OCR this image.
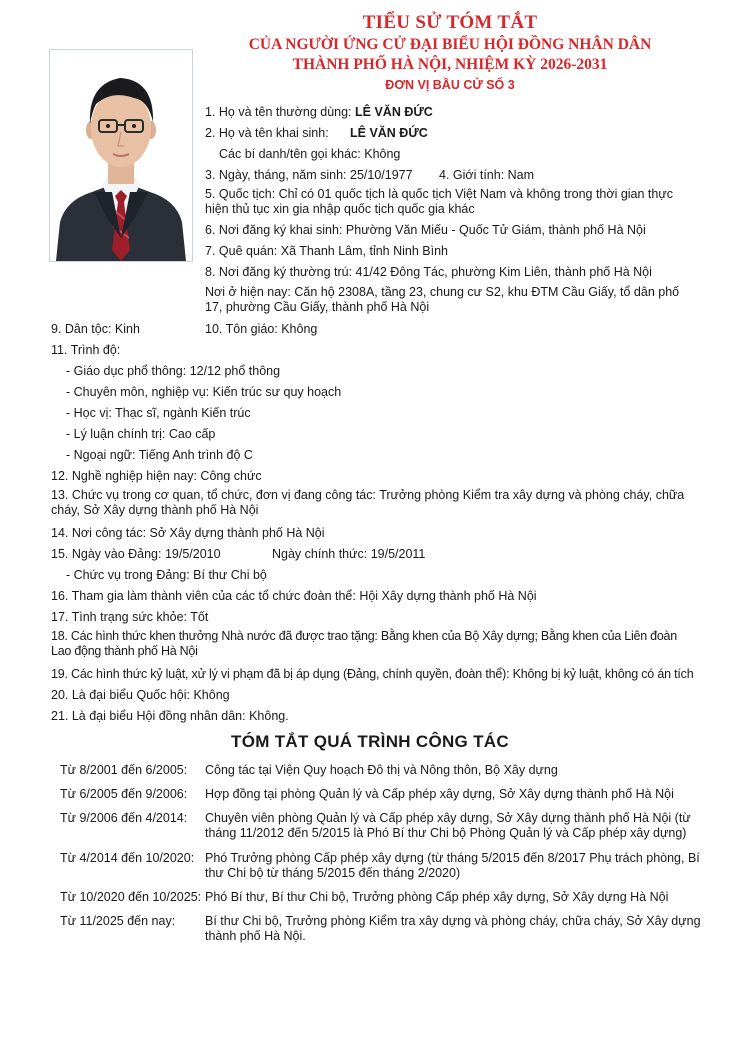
TIỂU SỬ TÓM TẮT
CỦA NGƯỜI ỨNG CỬ ĐẠI BIỂU HỘI ĐỒNG NHÂN DÂN
THÀNH PHỐ HÀ NỘI, NHIỆM KỲ 2026-2031
ĐƠN VỊ BẦU CỬ SỐ 3
1. Họ và tên thường dùng: LÊ VĂN ĐỨC
2. Họ và tên khai sinh: LÊ VĂN ĐỨC
Các bí danh/tên gọi khác: Không
3. Ngày, tháng, năm sinh: 25/10/1977 4. Giới tính: Nam
5. Quốc tịch: Chỉ có 01 quốc tịch là quốc tịch Việt Nam và không trong thời gian thực hiện thủ tục xin gia nhập quốc tịch quốc gia khác
6. Nơi đăng ký khai sinh: Phường Văn Miếu - Quốc Tử Giám, thành phố Hà Nội
7. Quê quán: Xã Thanh Lâm, tỉnh Ninh Bình
8. Nơi đăng ký thường trú: 41/42 Đông Tác, phường Kim Liên, thành phố Hà Nội
Nơi ở hiện nay: Căn hộ 2308A, tầng 23, chung cư S2, khu ĐTM Cầu Giấy, tổ dân phố 17, phường Cầu Giấy, thành phố Hà Nội
9. Dân tộc: Kinh	10. Tôn giáo: Không
11. Trình độ:
- Giáo dục phổ thông: 12/12 phổ thông
- Chuyên môn, nghiệp vụ: Kiến trúc sư quy hoạch
- Học vị: Thạc sĩ, ngành Kiến trúc
- Lý luận chính trị: Cao cấp
- Ngoại ngữ: Tiếng Anh trình độ C
12. Nghề nghiệp hiện nay: Công chức
13. Chức vụ trong cơ quan, tổ chức, đơn vị đang công tác: Trưởng phòng Kiểm tra xây dựng và phòng cháy, chữa cháy, Sở Xây dựng thành phố Hà Nội
14. Nơi công tác: Sở Xây dựng thành phố Hà Nội
15. Ngày vào Đảng: 19/5/2010	Ngày chính thức: 19/5/2011
- Chức vụ trong Đảng: Bí thư Chi bộ
16. Tham gia làm thành viên của các tổ chức đoàn thể: Hội Xây dựng thành phố Hà Nội
17. Tình trạng sức khỏe: Tốt
18. Các hình thức khen thưởng Nhà nước đã được trao tặng: Bằng khen của Bộ Xây dựng; Bằng khen của Liên đoàn Lao động thành phố Hà Nội
19. Các hình thức kỷ luật, xử lý vi phạm đã bị áp dụng (Đảng, chính quyền, đoàn thể): Không bị kỷ luật, không có án tích
20. Là đại biểu Quốc hội: Không
21. Là đại biểu Hội đồng nhân dân: Không.
TÓM TẮT QUÁ TRÌNH CÔNG TÁC
Từ 8/2001 đến 6/2005: Công tác tại Viện Quy hoạch Đô thị và Nông thôn, Bộ Xây dựng
Từ 6/2005 đến 9/2006: Hợp đồng tại phòng Quản lý và Cấp phép xây dựng, Sở Xây dựng thành phố Hà Nội
Từ 9/2006 đến 4/2014: Chuyên viên phòng Quản lý và Cấp phép xây dựng, Sở Xây dựng thành phố Hà Nội (từ tháng 11/2012 đến 5/2015 là Phó Bí thư Chi bộ Phòng Quản lý và Cấp phép xây dựng)
Từ 4/2014 đến 10/2020: Phó Trưởng phòng Cấp phép xây dựng (từ tháng 5/2015 đến 8/2017 Phụ trách phòng, Bí thư Chi bộ từ tháng 5/2015 đến tháng 2/2020)
Từ 10/2020 đến 10/2025: Phó Bí thư, Bí thư Chi bộ, Trưởng phòng Cấp phép xây dựng, Sở Xây dựng Hà Nội
Từ 11/2025 đến nay: Bí thư Chi bộ, Trưởng phòng Kiểm tra xây dựng và phòng cháy, chữa cháy, Sở Xây dựng thành phố Hà Nội.
